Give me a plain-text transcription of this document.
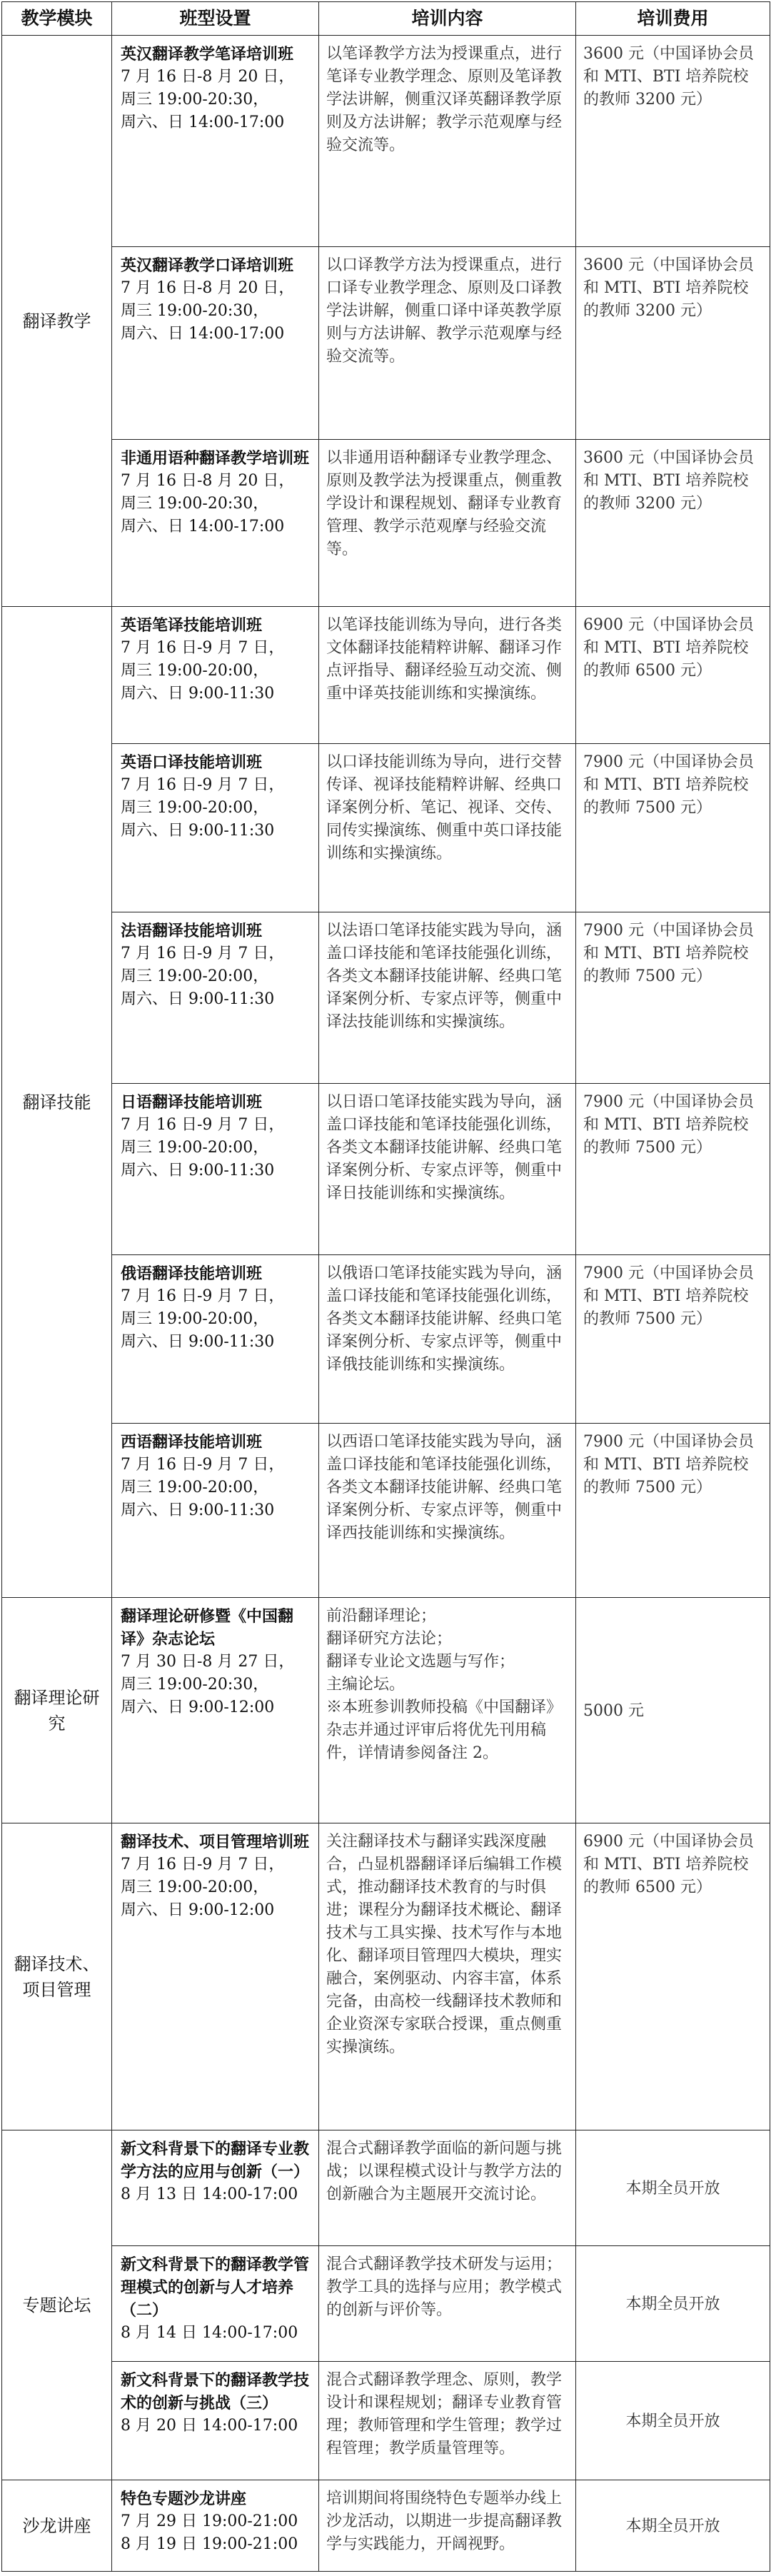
教学模块	班型设置	培训内容	培训费用
翻译教学	英汉翻译教学笔译培训班
7 月 16 日-8 月 20 日，
周三 19:00-20:30，
周六、日 14:00-17:00	以笔译教学方法为授课重点，进行笔译专业教学理念、原则及笔译教学法讲解，侧重汉译英翻译教学原则及方法讲解；教学示范观摩与经验交流等。	3600 元（中国译协会员和 MTI、BTI 培养院校的教师 3200 元）

	英汉翻译教学口译培训班
7 月 16 日-8 月 20 日，
周三 19:00-20:30，
周六、日 14:00-17:00	以口译教学方法为授课重点，进行口译专业教学理念、原则及口译教学法讲解，侧重口译中译英教学原则与方法讲解、教学示范观摩与经验交流等。	3600 元（中国译协会员和 MTI、BTI 培养院校的教师 3200 元）

	非通用语种翻译教学培训班
7 月 16 日-8 月 20 日，
周三 19:00-20:30，
周六、日 14:00-17:00	以非通用语种翻译专业教学理念、原则及教学法为授课重点，侧重教学设计和课程规划、翻译专业教育管理、教学示范观摩与经验交流等。	3600 元（中国译协会员和 MTI、BTI 培养院校的教师 3200 元）
翻译技能	英语笔译技能培训班
7 月 16 日-9 月 7 日，
周三 19:00-20:00，
周六、日 9:00-11:30	以笔译技能训练为导向，进行各类文体翻译技能精粹讲解、翻译习作点评指导、翻译经验互动交流、侧重中译英技能训练和实操演练。	6900 元（中国译协会员和 MTI、BTI 培养院校的教师 6500 元）

	英语口译技能培训班
7 月 16 日-9 月 7 日，
周三 19:00-20:00，
周六、日 9:00-11:30	以口译技能训练为导向，进行交替传译、视译技能精粹讲解、经典口译案例分析、笔记、视译、交传、同传实操演练、侧重中英口译技能训练和实操演练。	7900 元（中国译协会员和 MTI、BTI 培养院校的教师 7500 元）

	法语翻译技能培训班
7 月 16 日-9 月 7 日，
周三 19:00-20:00，
周六、日 9:00-11:30	以法语口笔译技能实践为导向，涵盖口译技能和笔译技能强化训练，各类文本翻译技能讲解、经典口笔译案例分析、专家点评等，侧重中译法技能训练和实操演练。	7900 元（中国译协会员和 MTI、BTI 培养院校的教师 7500 元）

	日语翻译技能培训班
7 月 16 日-9 月 7 日，
周三 19:00-20:00，
周六、日 9:00-11:30	以日语口笔译技能实践为导向，涵盖口译技能和笔译技能强化训练，各类文本翻译技能讲解、经典口笔译案例分析、专家点评等，侧重中译日技能训练和实操演练。	7900 元（中国译协会员和 MTI、BTI 培养院校的教师 7500 元）

	俄语翻译技能培训班
7 月 16 日-9 月 7 日，
周三 19:00-20:00，
周六、日 9:00-11:30	以俄语口笔译技能实践为导向，涵盖口译技能和笔译技能强化训练，各类文本翻译技能讲解、经典口笔译案例分析、专家点评等，侧重中译俄技能训练和实操演练。	7900 元（中国译协会员和 MTI、BTI 培养院校的教师 7500 元）

	西语翻译技能培训班
7 月 16 日-9 月 7 日，
周三 19:00-20:00，
周六、日 9:00-11:30	以西语口笔译技能实践为导向，涵盖口译技能和笔译技能强化训练，各类文本翻译技能讲解、经典口笔译案例分析、专家点评等，侧重中译西技能训练和实操演练。	7900 元（中国译协会员和 MTI、BTI 培养院校的教师 7500 元）
翻译理论研究	翻译理论研修暨《中国翻译》杂志论坛
7 月 30 日-8 月 27 日，
周三 19:00-20:30，
周六、日 9:00-12:00	前沿翻译理论；
翻译研究方法论；
翻译专业论文选题与写作；
主编论坛。
※本班参训教师投稿《中国翻译》杂志并通过评审后将优先刊用稿件，详情请参阅备注 2。	5000 元
翻译技术、项目管理	翻译技术、项目管理培训班
7 月 16 日-9 月 7 日，
周三 19:00-20:00，
周六、日 9:00-12:00	关注翻译技术与翻译实践深度融合，凸显机器翻译译后编辑工作模式，推动翻译技术教育的与时俱进；课程分为翻译技术概论、翻译技术与工具实操、技术写作与本地化、翻译项目管理四大模块，理实融合，案例驱动、内容丰富，体系完备，由高校一线翻译技术教师和企业资深专家联合授课，重点侧重实操演练。	6900 元（中国译协会员和 MTI、BTI 培养院校的教师 6500 元）
专题论坛	新文科背景下的翻译专业教学方法的应用与创新（一）
8 月 13 日 14:00-17:00	混合式翻译教学面临的新问题与挑战；以课程模式设计与教学方法的创新融合为主题展开交流讨论。	本期全员开放

	新文科背景下的翻译教学管理模式的创新与人才培养（二）
8 月 14 日 14:00-17:00	混合式翻译教学技术研发与运用；教学工具的选择与应用；教学模式的创新与评价等。	本期全员开放

	新文科背景下的翻译教学技术的创新与挑战（三）
8 月 20 日 14:00-17:00	混合式翻译教学理念、原则，教学设计和课程规划；翻译专业教育管理；教师管理和学生管理；教学过程管理；教学质量管理等。	本期全员开放
沙龙讲座	特色专题沙龙讲座
7 月 29 日 19:00-21:00
8 月 19 日 19:00-21:00	培训期间将围绕特色专题举办线上沙龙活动，以期进一步提高翻译教学与实践能力，开阔视野。	本期全员开放
